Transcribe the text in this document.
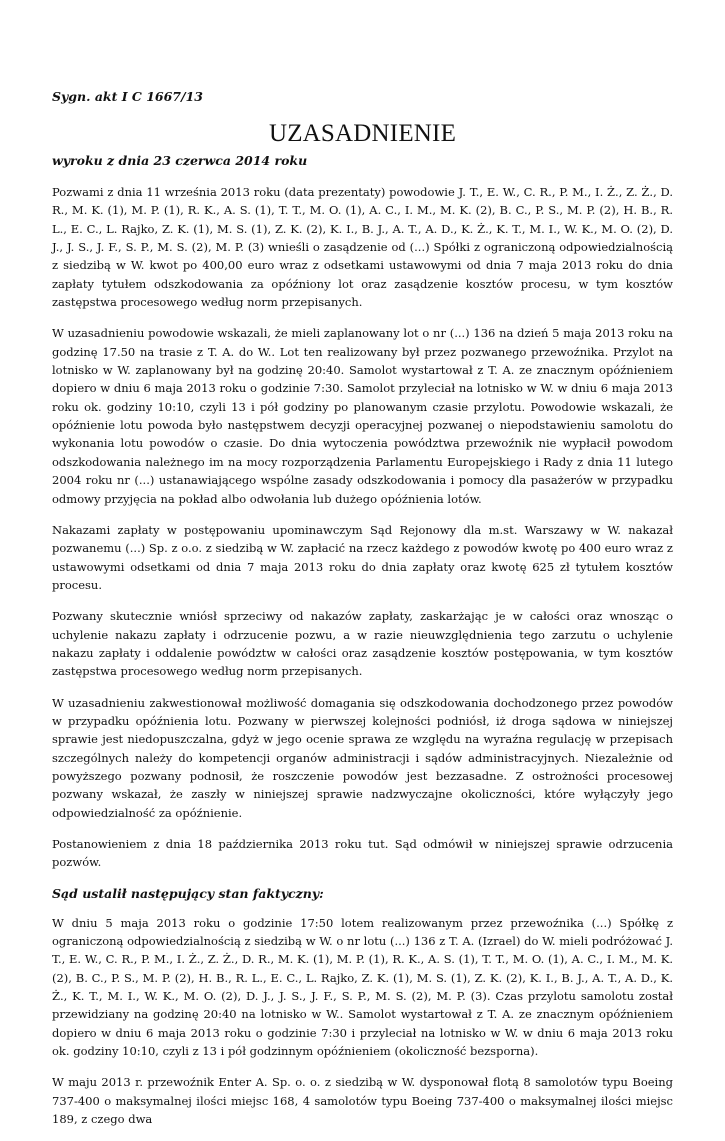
Sygn. akt I C 1667/13

UZASADNIENIE

wyroku z dnia 23 czerwca 2014 roku

Pozwami z dnia 11 września 2013 roku (data prezentaty) powodowie J. T., E. W., C. R., P. M., I. Ż., Z. Ż., D. R., M. K. (1), M. P. (1), R. K., A. S. (1), T. T., M. O. (1), A. C., I. M., M. K. (2), B. C., P. S., M. P. (2), H. B., R. L., E. C., L. Rajko, Z. K. (1), M. S. (1), Z. K. (2), K. I., B. J., A. T., A. D., K. Ż., K. T., M. I., W. K., M. O. (2), D. J., J. S., J. F., S. P., M. S. (2), M. P. (3) wnieśli o zasądzenie od (...) Spółki z ograniczoną odpowiedzialnością z siedzibą w W. kwot po 400,00 euro wraz z odsetkami ustawowymi od dnia 7 maja 2013 roku do dnia zapłaty tytułem odszkodowania za opóźniony lot oraz zasądzenie kosztów procesu, w tym kosztów zastępstwa procesowego według norm przepisanych.

W uzasadnieniu powodowie wskazali, że mieli zaplanowany lot o nr (...) 136 na dzień 5 maja 2013 roku na godzinę 17.50 na trasie z T. A. do W.. Lot ten realizowany był przez pozwanego przewoźnika. Przylot na lotnisko w W. zaplanowany był na godzinę 20:40. Samolot wystartował z T. A. ze znacznym opóźnieniem dopiero w dniu 6 maja 2013 roku o godzinie 7:30. Samolot przyleciał na lotnisko w W. w dniu 6 maja 2013 roku ok. godziny 10:10, czyli 13 i pół godziny po planowanym czasie przylotu. Powodowie wskazali, że opóźnienie lotu powoda było następstwem decyzji operacyjnej pozwanej o niepodstawieniu samolotu do wykonania lotu powodów o czasie. Do dnia wytoczenia powództwa przewoźnik nie wypłacił powodom odszkodowania należnego im na mocy rozporządzenia Parlamentu Europejskiego i Rady z dnia 11 lutego 2004 roku nr (...) ustanawiającego wspólne zasady odszkodowania i pomocy dla pasażerów w przypadku odmowy przyjęcia na pokład albo odwołania lub dużego opóźnienia lotów.

Nakazami zapłaty w postępowaniu upominawczym Sąd Rejonowy dla m.st. Warszawy w W. nakazał pozwanemu (...) Sp. z o.o. z siedzibą w W. zapłacić na rzecz każdego z powodów kwotę po 400 euro wraz z ustawowymi odsetkami od dnia 7 maja 2013 roku do dnia zapłaty oraz kwotę 625 zł tytułem kosztów procesu.

Pozwany skutecznie wniósł sprzeciwy od nakazów zapłaty, zaskarżając je w całości oraz wnosząc o uchylenie nakazu zapłaty i odrzucenie pozwu, a w razie nieuwzględnienia tego zarzutu o uchylenie nakazu zapłaty i oddalenie powództw w całości oraz zasądzenie kosztów postępowania, w tym kosztów zastępstwa procesowego według norm przepisanych.

W uzasadnieniu zakwestionował możliwość domagania się odszkodowania dochodzonego przez powodów w przypadku opóźnienia lotu. Pozwany w pierwszej kolejności podniósł, iż droga sądowa w niniejszej sprawie jest niedopuszczalna, gdyż w jego ocenie sprawa ze względu na wyraźna regulację w przepisach szczególnych należy do kompetencji organów administracji i sądów administracyjnych. Niezależnie od powyższego pozwany podnosił, że roszczenie powodów jest bezzasadne. Z ostrożności procesowej pozwany wskazał, że zaszły w niniejszej sprawie nadzwyczajne okoliczności, które wyłączyły jego odpowiedzialność za opóźnienie.

Postanowieniem z dnia 18 października 2013 roku tut. Sąd odmówił w niniejszej sprawie odrzucenia pozwów.

Sąd ustalił następujący stan faktyczny:

W dniu 5 maja 2013 roku o godzinie 17:50 lotem realizowanym przez przewoźnika (...) Spółkę z ograniczoną odpowiedzialnością z siedzibą w W. o nr lotu (...) 136 z T. A. (Izrael) do W. mieli podróżować J. T., E. W., C. R., P. M., I. Ż., Z. Ż., D. R., M. K. (1), M. P. (1), R. K., A. S. (1), T. T., M. O. (1), A. C., I. M., M. K. (2), B. C., P. S., M. P. (2), H. B., R. L., E. C., L. Rajko, Z. K. (1), M. S. (1), Z. K. (2), K. I., B. J., A. T., A. D., K. Ż., K. T., M. I., W. K., M. O. (2), D. J., J. S., J. F., S. P., M. S. (2), M. P. (3). Czas przylotu samolotu został przewidziany na godzinę 20:40 na lotnisko w W.. Samolot wystartował z T. A. ze znacznym opóźnieniem dopiero w dniu 6 maja 2013 roku o godzinie 7:30 i przyleciał na lotnisko w W. w dniu 6 maja 2013 roku ok. godziny 10:10, czyli z 13 i pół godzinnym opóźnieniem (okoliczność bezsporna).

W maju 2013 r. przewoźnik Enter A. Sp. o. o. z siedzibą w W. dysponował flotą 8 samolotów typu Boeing 737-400 o maksymalnej ilości miejsc 168, 4 samolotów typu Boeing 737-400 o maksymalnej ilości miejsc 189, z czego dwa
